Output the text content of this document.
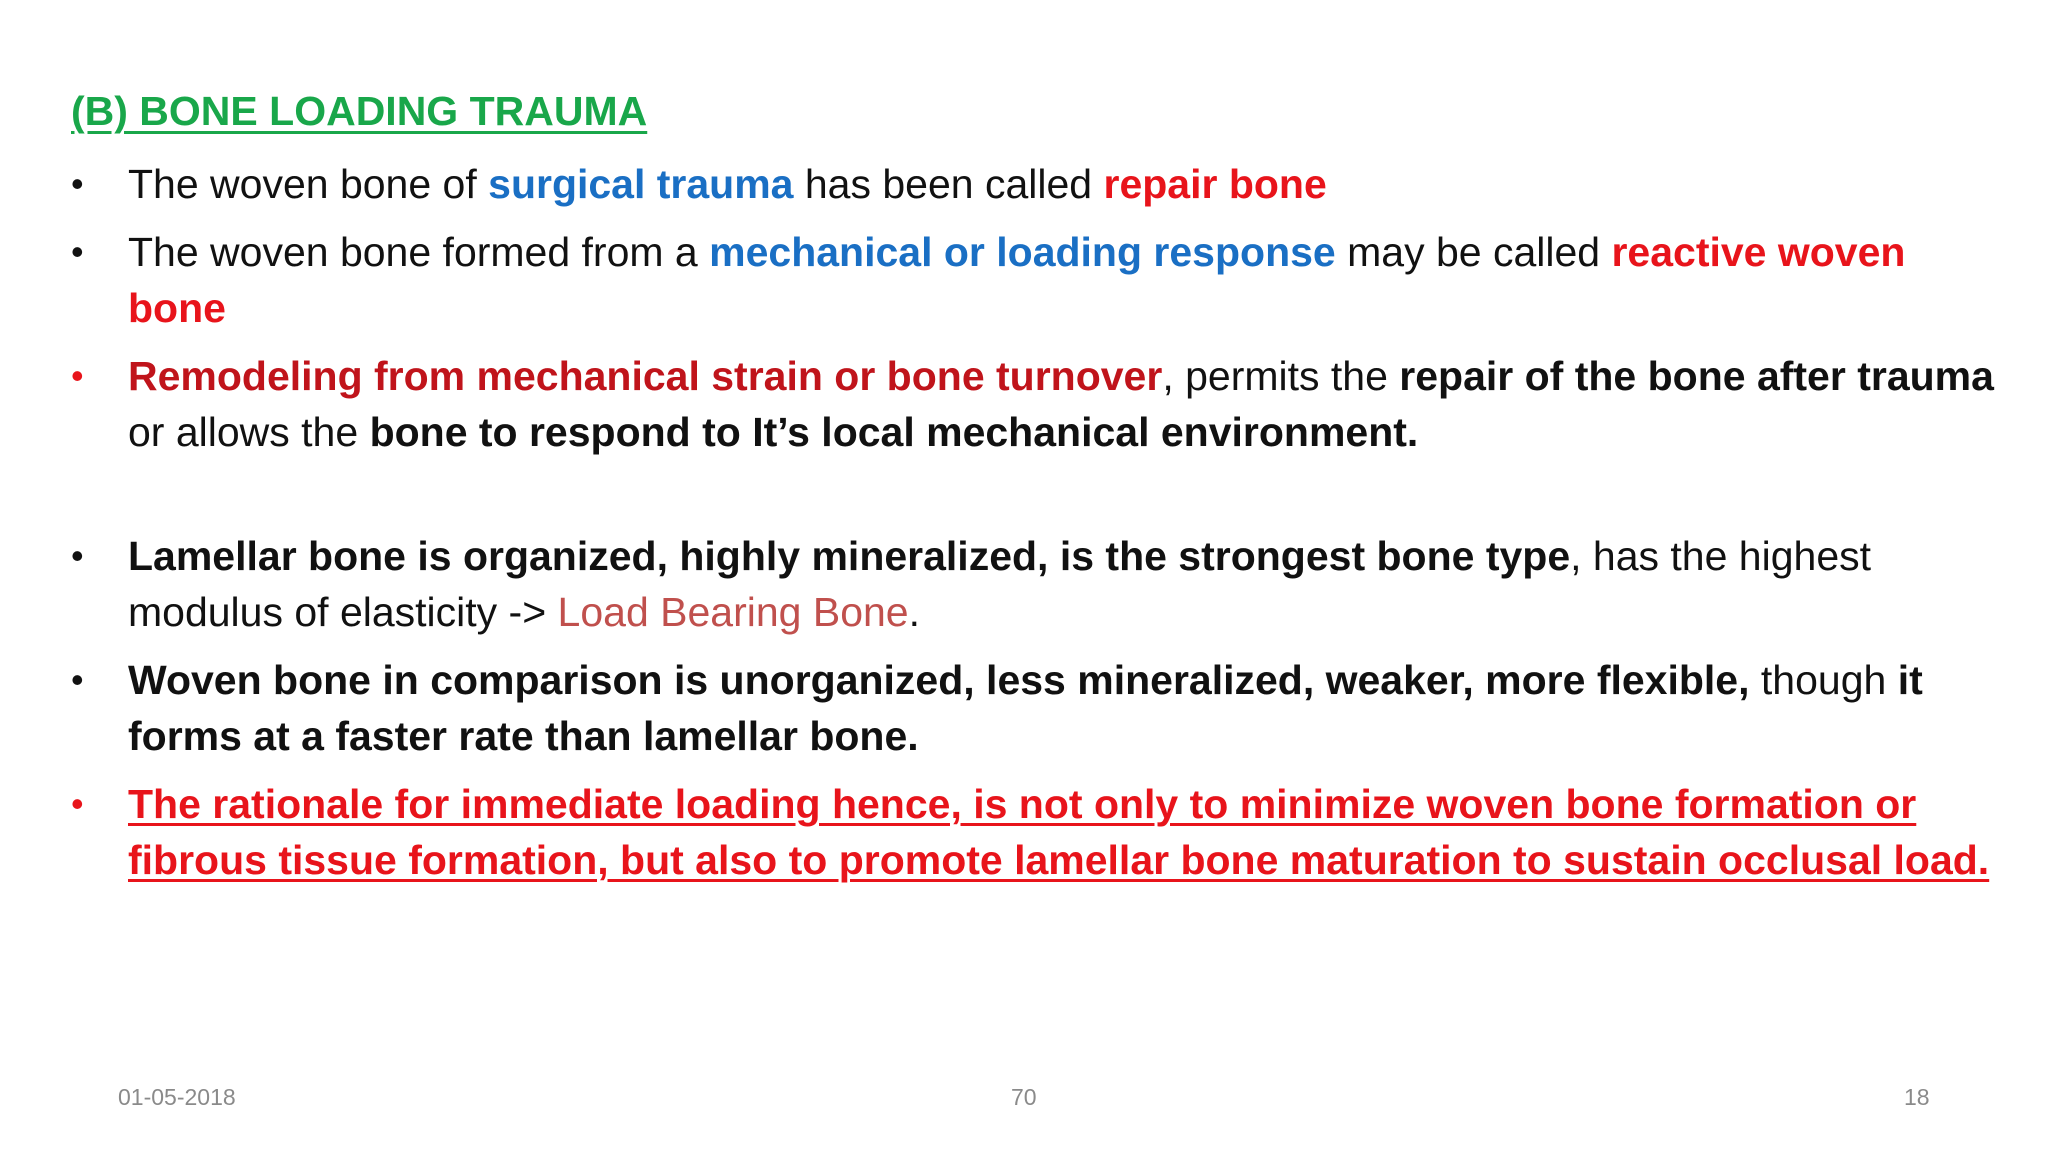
(B) BONE LOADING TRAUMA
•	The woven bone of surgical trauma has been called repair bone
•	The woven bone formed from a mechanical or loading response may be called reactive woven bone
•	Remodeling from mechanical strain or bone turnover, permits the repair of the bone after trauma or allows the bone to respond to It’s local mechanical environment.
•	Lamellar bone is organized, highly mineralized, is the strongest bone type, has the highest modulus of elasticity -> Load Bearing Bone.
•	Woven bone in comparison is unorganized, less mineralized, weaker, more flexible, though it forms at a faster rate than lamellar bone.
•	The rationale for immediate loading hence, is not only to minimize woven bone formation or fibrous tissue formation, but also to promote lamellar bone maturation to sustain occlusal load.
01-05-2018	70	18
